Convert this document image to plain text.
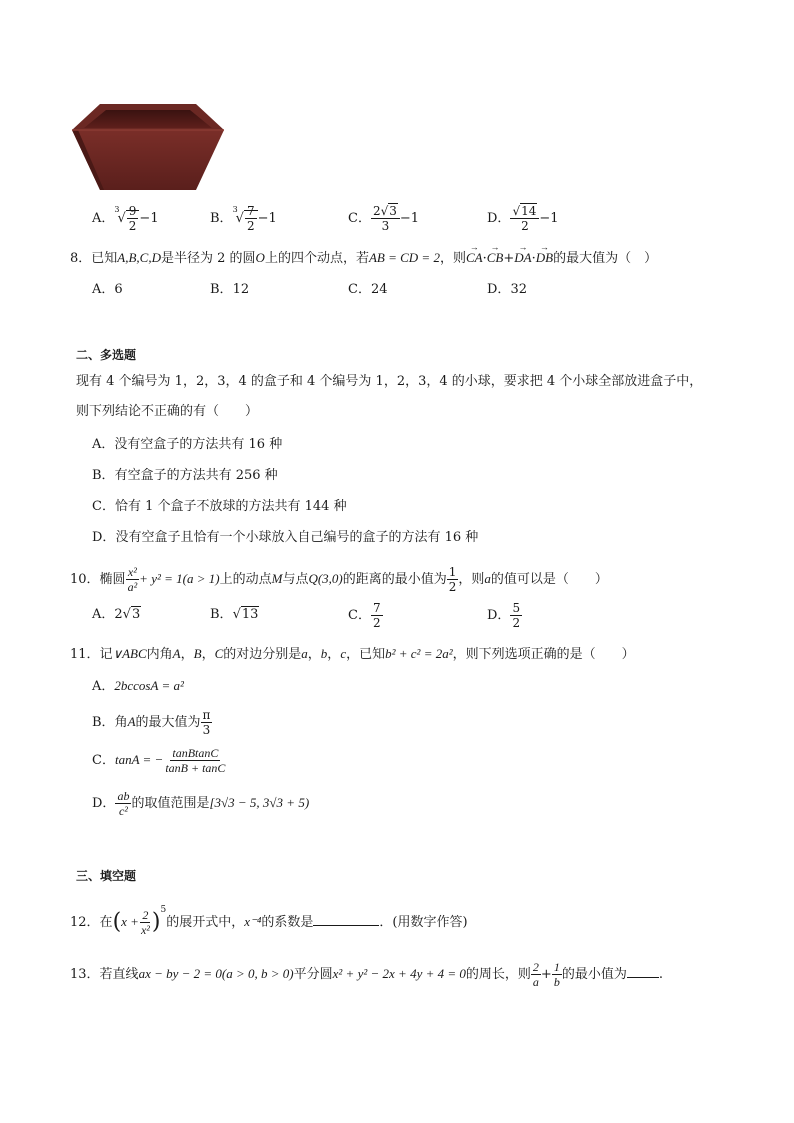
A．$^3√ \frac{9}{2} -1$	B．$^3√ \frac{7}{2} -1$	C． $\frac{2√3}{3} -1$	D． $\frac{√14}{2} -1$
8．已知A,B,C,D是半径为 2 的圆O上的四个动点，若AB = CD = 2，则→ CA·→ CB+→ DA·→ DB的最大值为（　）
A．6	B．12	C．24	D．32
二、多选题
现有 4 个编号为 1，2，3，4 的盒子和 4 个编号为 1，2，3，4 的小球，要求把 4 个小球全部放进盒子中，
则下列结论不正确的有（　　）
A．没有空盒子的方法共有 16 种
B．有空盒子的方法共有 256 种
C．恰有 1 个盒子不放球的方法共有 144 种
D．没有空盒子且恰有一个小球放入自己编号的盒子的方法有 16 种
10．椭圆 $\frac{\text{x²}}{\text{a²}} + y^2 = 1(a > 1)$上的动点M与点Q(3,0)的距离的最小值为 $\frac{1}{2}$ ，则a的值可以是（　　）
A．2√3	B．√13	C． $\frac{7}{2}$	D． $\frac{5}{2}$
11．记∨ABC内角A，B，C的对边分别是a，b，c，已知b² + c² = 2a²，则下列选项正确的是（　　）
A．2bccosA = a²
B．角A的最大值为 $\frac{\pi}{3}$
C．tanA = − $\frac{\text{tanBtanC}}{\tan B + \tan C}$
D． $\frac{ab}{\text{c²}}$ 的取值范围是[3√3 − 5, 3√3 + 5)
三、填空题
12．在$(x + \frac{2}{\text{x²}} )^5$的展开式中，x⁻⁴的系数是	．(用数字作答)
13．若直线ax − by − 2 = 0(a > 0, b > 0)平分圆x² + y² − 2x + 4y + 4 = 0的周长，则 $\frac{2}{a} + \frac{1}{b}$ 的最小值为 .
